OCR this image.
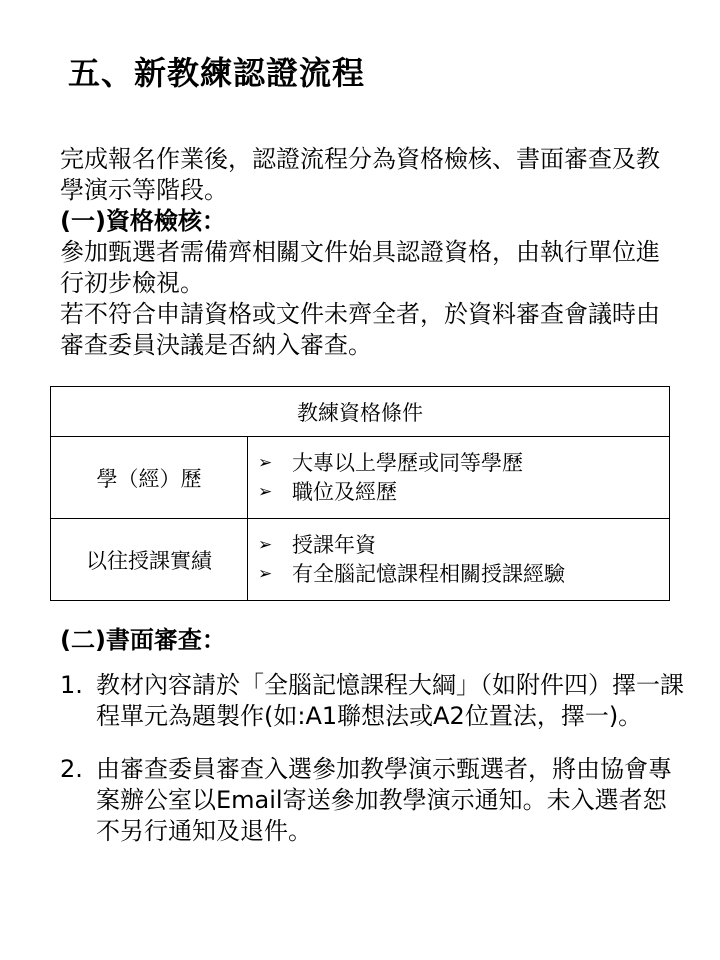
五、新教練認證流程

完成報名作業後，認證流程分為資格檢核、書面審查及教學演示等階段。
(一)資格檢核：

參加甄選者需備齊相關文件始具認證資格，由執行單位進行初步檢視。
若不符合申請資格或文件未齊全者，於資料審查會議時由審查委員決議是否納入審查。

教練資格條件	
學（經）歷	➢ 大專以上學歷或同等學歷
➢ 職位及經歷

以往授課實績	➢ 授課年資
➢ 有全腦記憶課程相關授課經驗
(二)書面審查：
1. 教材內容請於「全腦記憶課程大綱」（如附件四）擇一課程單元為題製作(如:A1聯想法或A2位置法，擇一)。
2. 由審查委員審查入選參加教學演示甄選者，將由協會專案辦公室以Email寄送參加教學演示通知。未入選者恕不另行通知及退件。
